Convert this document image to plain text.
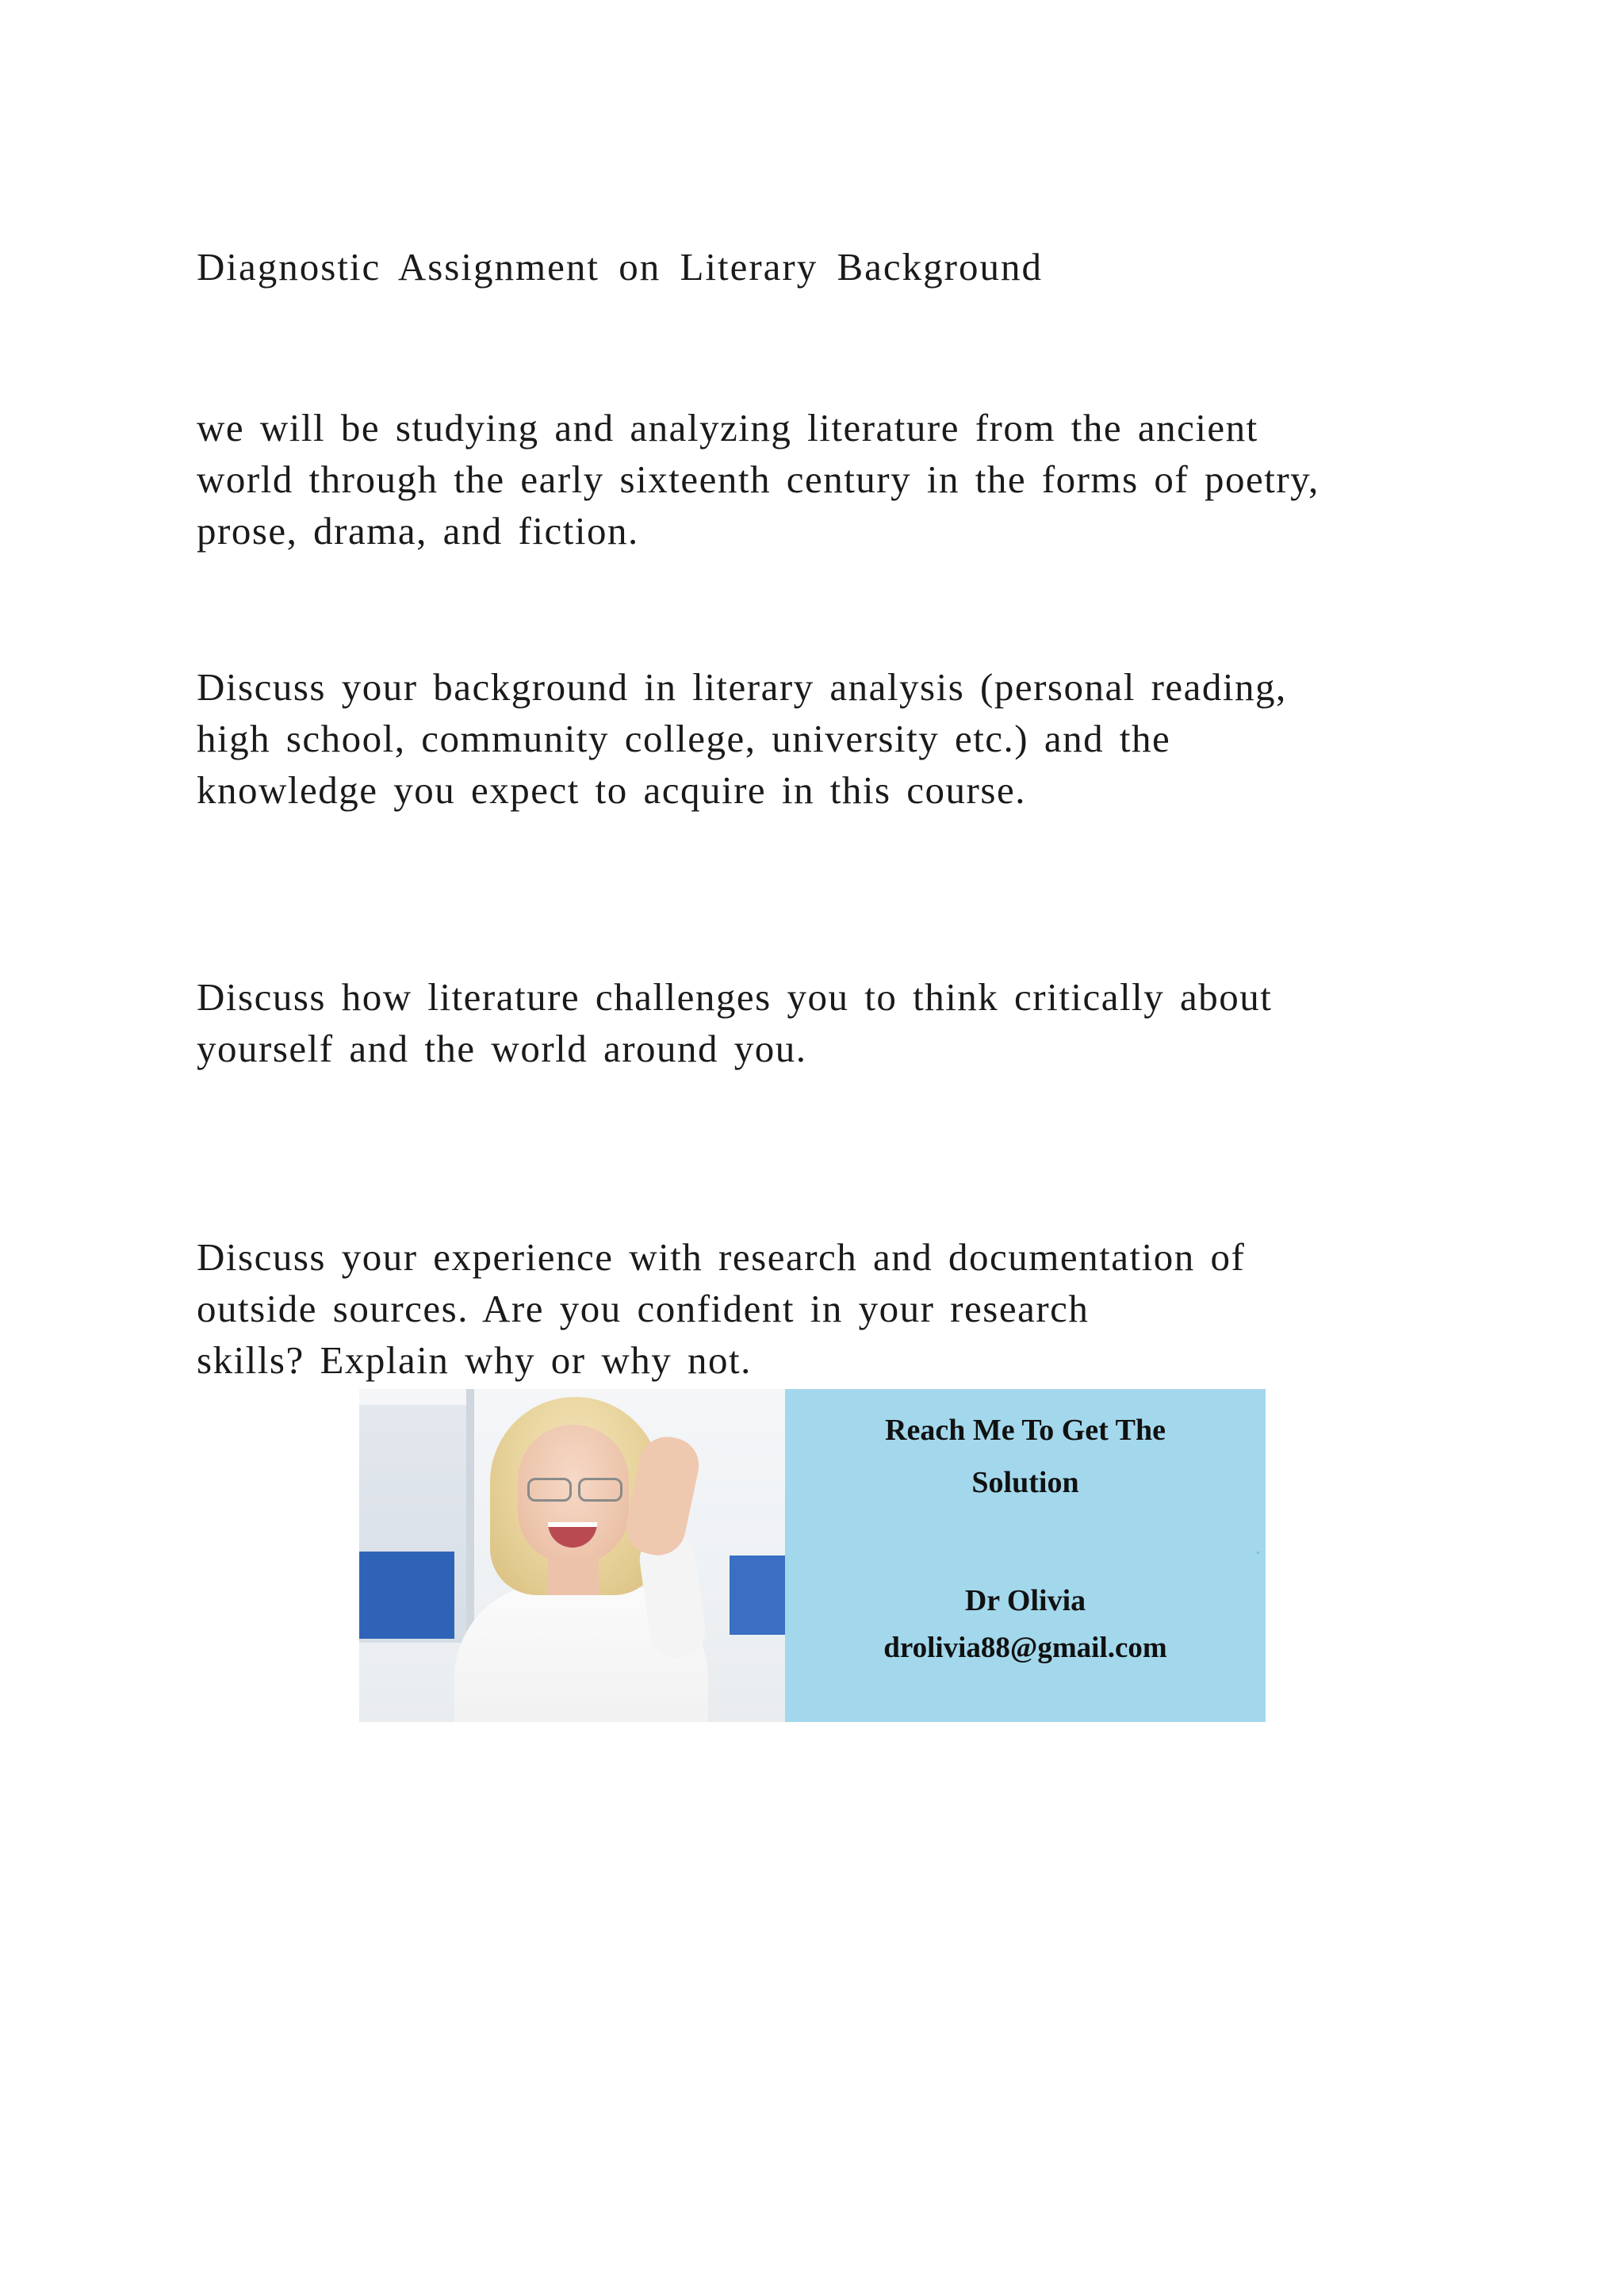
Diagnostic Assignment on Literary Background

we will be studying and analyzing literature from the ancient
world through the early sixteenth century in the forms of poetry,
prose, drama, and fiction.

Discuss your background in literary analysis (personal reading,
high school, community college, university etc.) and the
knowledge you expect to acquire in this course.

Discuss how literature challenges you to think critically about
yourself and the world around you.

Discuss your experience with research and documentation of
outside sources. Are you confident in your research
skills? Explain why or why not.

Reach Me To Get The
Solution
Dr Olivia
drolivia88@gmail.com
